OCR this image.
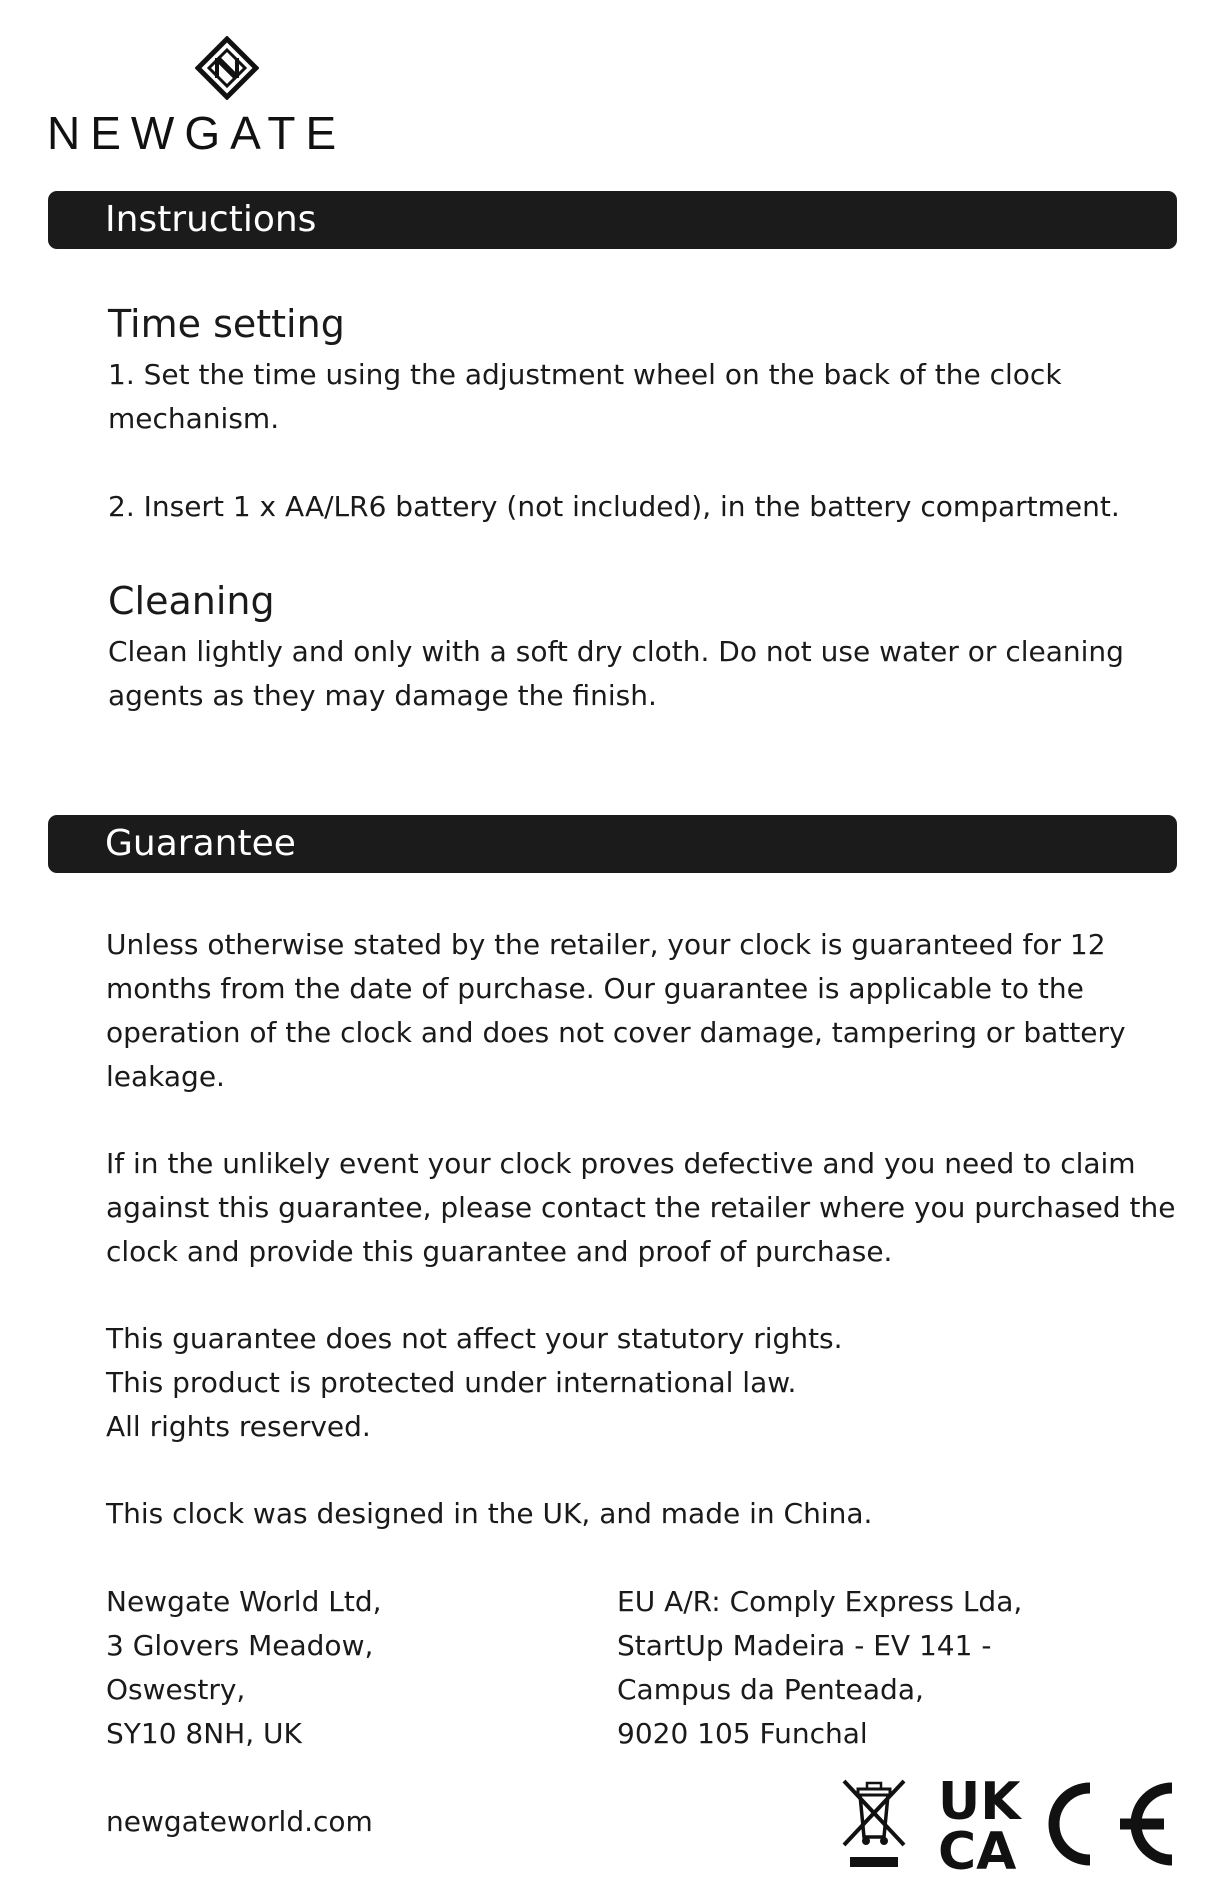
NEWGATE
Instructions
Time setting
1. Set the time using the adjustment wheel on the back of the clock
mechanism.
2. Insert 1 x AA/LR6 battery (not included), in the battery compartment.
Cleaning
Clean lightly and only with a soft dry cloth. Do not use water or cleaning
agents as they may damage the finish.
Guarantee
Unless otherwise stated by the retailer, your clock is guaranteed for 12
months from the date of purchase. Our guarantee is applicable to the
operation of the clock and does not cover damage, tampering or battery
leakage.
If in the unlikely event your clock proves defective and you need to claim
against this guarantee, please contact the retailer where you purchased the
clock and provide this guarantee and proof of purchase.
This guarantee does not affect your statutory rights.
This product is protected under international law.
All rights reserved.
This clock was designed in the UK, and made in China.
Newgate World Ltd,
3 Glovers Meadow,
Oswestry,
SY10 8NH, UK
EU A/R: Comply Express Lda,
StartUp Madeira - EV 141 -
Campus da Penteada,
9020 105 Funchal
newgateworld.com	UK
CA
